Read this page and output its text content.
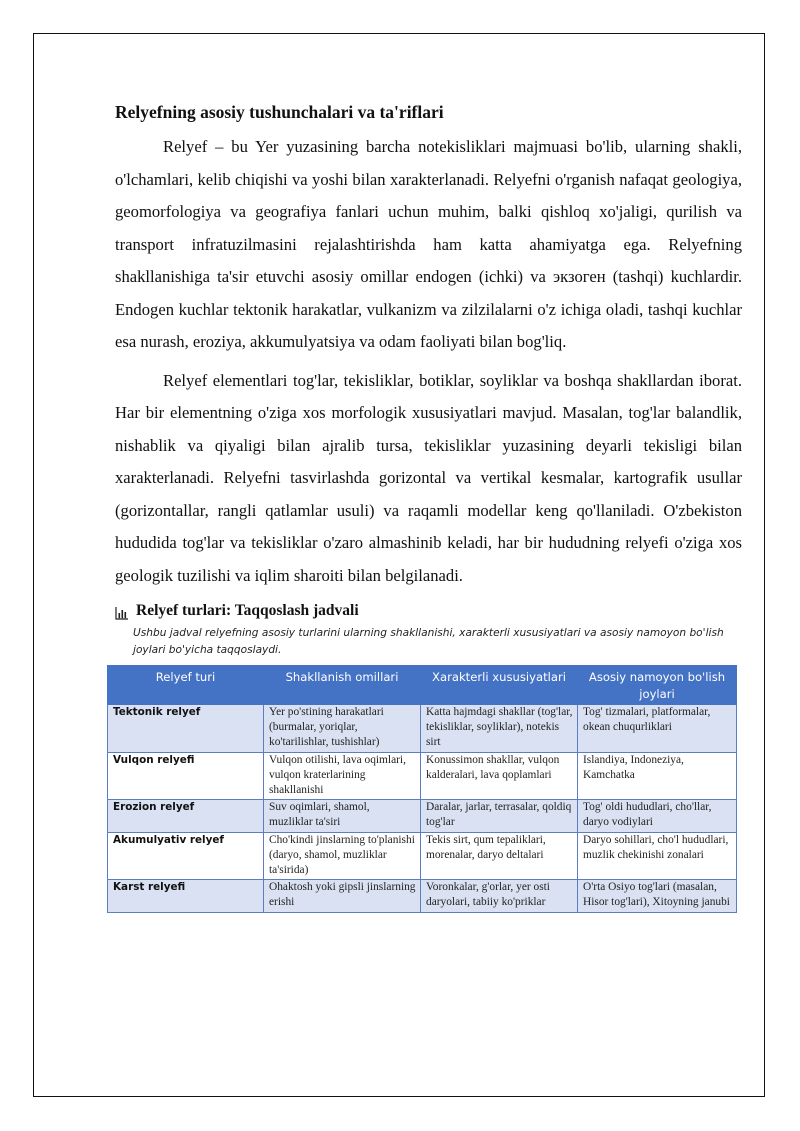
Relyefning asosiy tushunchalari va ta'riflari

Relyef – bu Yer yuzasining barcha notekisliklari majmuasi bo'lib, ularning shakli, o'lchamlari, kelib chiqishi va yoshi bilan xarakterlanadi. Relyefni o'rganish nafaqat geologiya, geomorfologiya va geografiya fanlari uchun muhim, balki qishloq xo'jaligi, qurilish va transport infratuzilmasini rejalashtirishda ham katta ahamiyatga ega. Relyefning shakllanishiga ta'sir etuvchi asosiy omillar endogen (ichki) va экзоген (tashqi) kuchlardir. Endogen kuchlar tektonik harakatlar, vulkanizm va zilzilalarni o'z ichiga oladi, tashqi kuchlar esa nurash, eroziya, akkumulyatsiya va odam faoliyati bilan bog'liq.

Relyef elementlari tog'lar, tekisliklar, botiklar, soyliklar va boshqa shakllardan iborat. Har bir elementning o'ziga xos morfologik xususiyatlari mavjud. Masalan, tog'lar balandlik, nishablik va qiyaligi bilan ajralib tursa, tekisliklar yuzasining deyarli tekisligi bilan xarakterlanadi. Relyefni tasvirlashda gorizontal va vertikal kesmalar, kartografik usullar (gorizontallar, rangli qatlamlar usuli) va raqamli modellar keng qo'llaniladi. O'zbekiston hududida tog'lar va tekisliklar o'zaro almashinib keladi, har bir hududning relyefi o'ziga xos geologik tuzilishi va iqlim sharoiti bilan belgilanadi.

Relyef turlari: Taqqoslash jadvali
Ushbu jadval relyefning asosiy turlarini ularning shakllanishi, xarakterli xususiyatlari va asosiy namoyon bo'lish joylari bo'yicha taqqoslaydi.
Relyef turi	Shakllanish omillari	Xarakterli xususiyatlari	Asosiy namoyon bo'lish joylari
Tektonik relyef	Yer po'stining harakatlari (burmalar, yoriqlar, ko'tarilishlar, tushishlar)	Katta hajmdagi shakllar (tog'lar, tekisliklar, soyliklar), notekis sirt	Tog' tizmalari, platformalar, okean chuqurliklari
Vulqon relyefi	Vulqon otilishi, lava oqimlari, vulqon kraterlarining shakllanishi	Konussimon shakllar, vulqon kalderalari, lava qoplamlari	Islandiya, Indoneziya, Kamchatka
Erozion relyef	Suv oqimlari, shamol, muzliklar ta'siri	Daralar, jarlar, terrasalar, qoldiq tog'lar	Tog' oldi hududlari, cho'llar, daryo vodiylari
Akumulyativ relyef	Cho'kindi jinslarning to'planishi (daryo, shamol, muzliklar ta'sirida)	Tekis sirt, qum tepaliklari, morenalar, daryo deltalari	Daryo sohillari, cho'l hududlari, muzlik chekinishi zonalari
Karst relyefi	Ohaktosh yoki gipsli jinslarning erishi	Voronkalar, g'orlar, yer osti daryolari, tabiiy ko'priklar	O'rta Osiyo tog'lari (masalan, Hisor tog'lari), Xitoyning janubi
